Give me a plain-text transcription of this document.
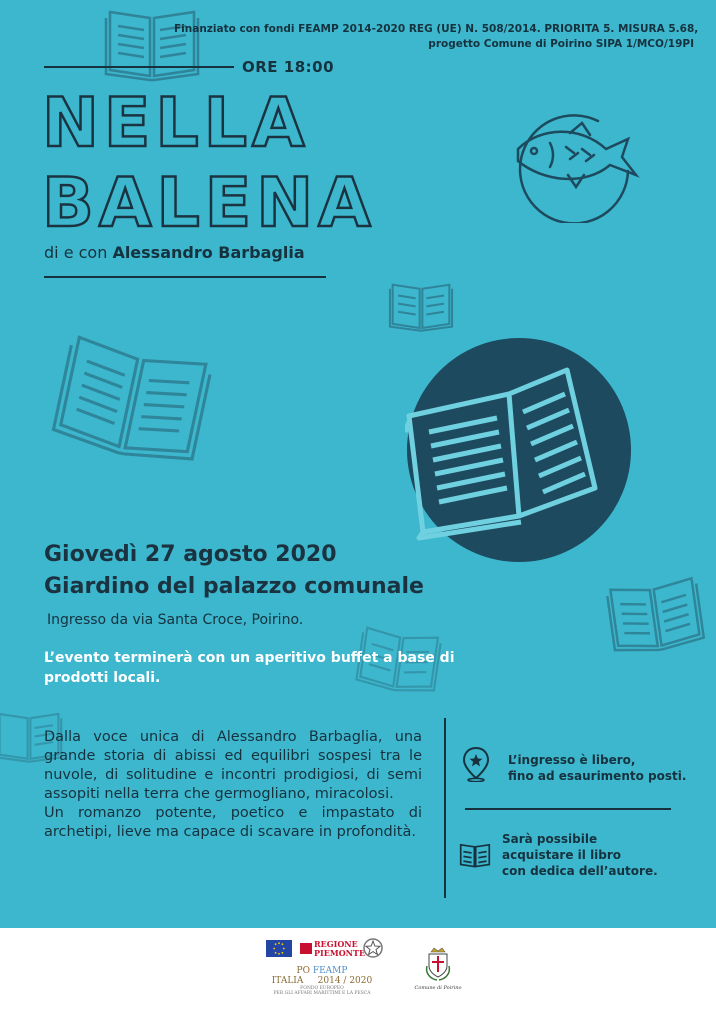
Finanziato con fondi FEAMP 2014-2020 REG (UE) N. 508/2014. PRIORITA 5. MISURA 5.68,
progetto Comune di Poirino SIPA 1/MCO/19PI
ORE 18:00
NELLA
BALENA
di e con Alessandro Barbaglia
Giovedì 27 agosto 2020
Giardino del palazzo comunale
Ingresso da via Santa Croce, Poirino.
L’evento terminerà con un aperitivo buffet a base di prodotti locali.

Dalla voce unica di Alessandro Barbaglia, una grande storia di abissi ed equilibri sospesi tra le nuvole, di solitudine e incontri prodigiosi, di semi assopiti nella terra che germogliano, miracolosi.

Un romanzo potente, poetico e impastato di archetipi, lieve ma capace di scavare in profondità.

L’ingresso è libero,
fino ad esaurimento posti.
Sarà possibile
acquistare il libro
con dedica dell’autore.
REGIONE
PIEMONTE
PO FEAMP
ITALIA 2014 / 2020
FONDO EUROPEO
PER GLI AFFARI MARITTIMI E LA PESCA
Comune di Poirino
